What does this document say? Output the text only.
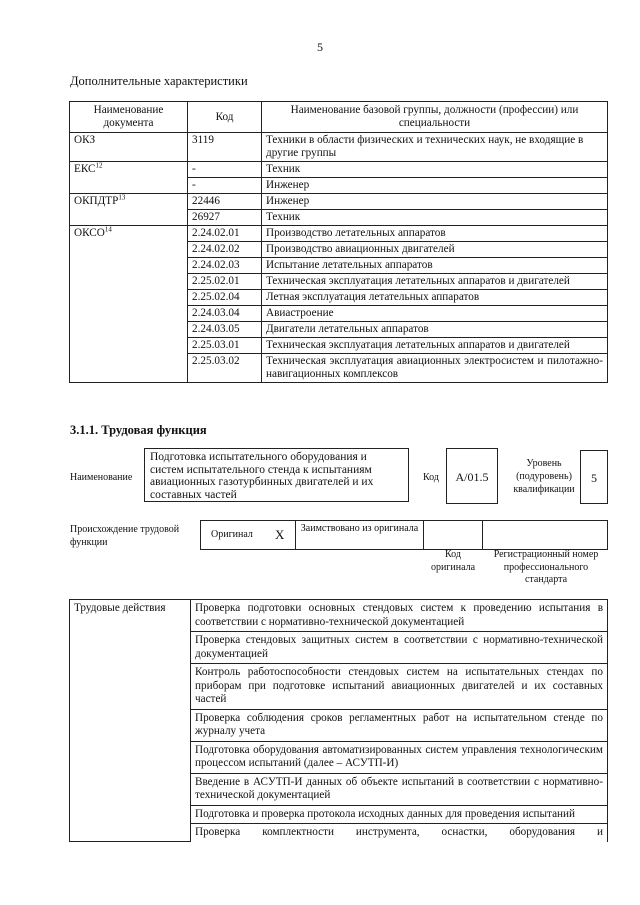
5
Дополнительные характеристики
Наименование документа	Код	Наименование базовой группы, должности (профессии) или специальности
ОКЗ	3119	Техники в области физических и технических наук, не входящие в другие группы
ЕКС$^{12}$	-	Техник
	-	Инженер
ОКПДТР$^{13}$	22446	Инженер
	26927	Техник
ОКСО$^{14}$	2.24.02.01	Производство летательных аппаратов
	2.24.02.02	Производство авиационных двигателей
	2.24.02.03	Испытание летательных аппаратов
	2.25.02.01	Техническая эксплуатация летательных аппаратов и двигателей
	2.25.02.04	Летная эксплуатация летательных аппаратов
	2.24.03.04	Авиастроение
	2.24.03.05	Двигатели летательных аппаратов
	2.25.03.01	Техническая эксплуатация летательных аппаратов и двигателей
	2.25.03.02	Техническая эксплуатация авиационных электросистем и пилотажно-навигационных комплексов
3.1.1. Трудовая функция
Наименование
Подготовка испытательного оборудования и систем испытательного стенда к испытаниям авиационных газотурбинных двигателей и их составных частей
Код	A/01.5
Уровень (подуровень) квалификации
5
Происхождение трудовой функции
Оригинал X	Заимствовано из оригинала
Код оригинала
Регистрационный номер профессионального стандарта
Трудовые действия	Проверка подготовки основных стендовых систем к проведению испытания в соответствии с нормативно-технической документацией
Проверка стендовых защитных систем в соответствии с нормативно-технической документацией
Контроль работоспособности стендовых систем на испытательных стендах по приборам при подготовке испытаний авиационных двигателей и их составных частей
Проверка соблюдения сроков регламентных работ на испытательном стенде по журналу учета
Подготовка оборудования автоматизированных систем управления технологическим процессом испытаний (далее – АСУТП-И)
Введение в АСУТП-И данных об объекте испытаний в соответствии с нормативно-технической документацией
Подготовка и проверка протокола исходных данных для проведения испытаний
Проверка комплектности инструмента, оснастки, оборудования и
